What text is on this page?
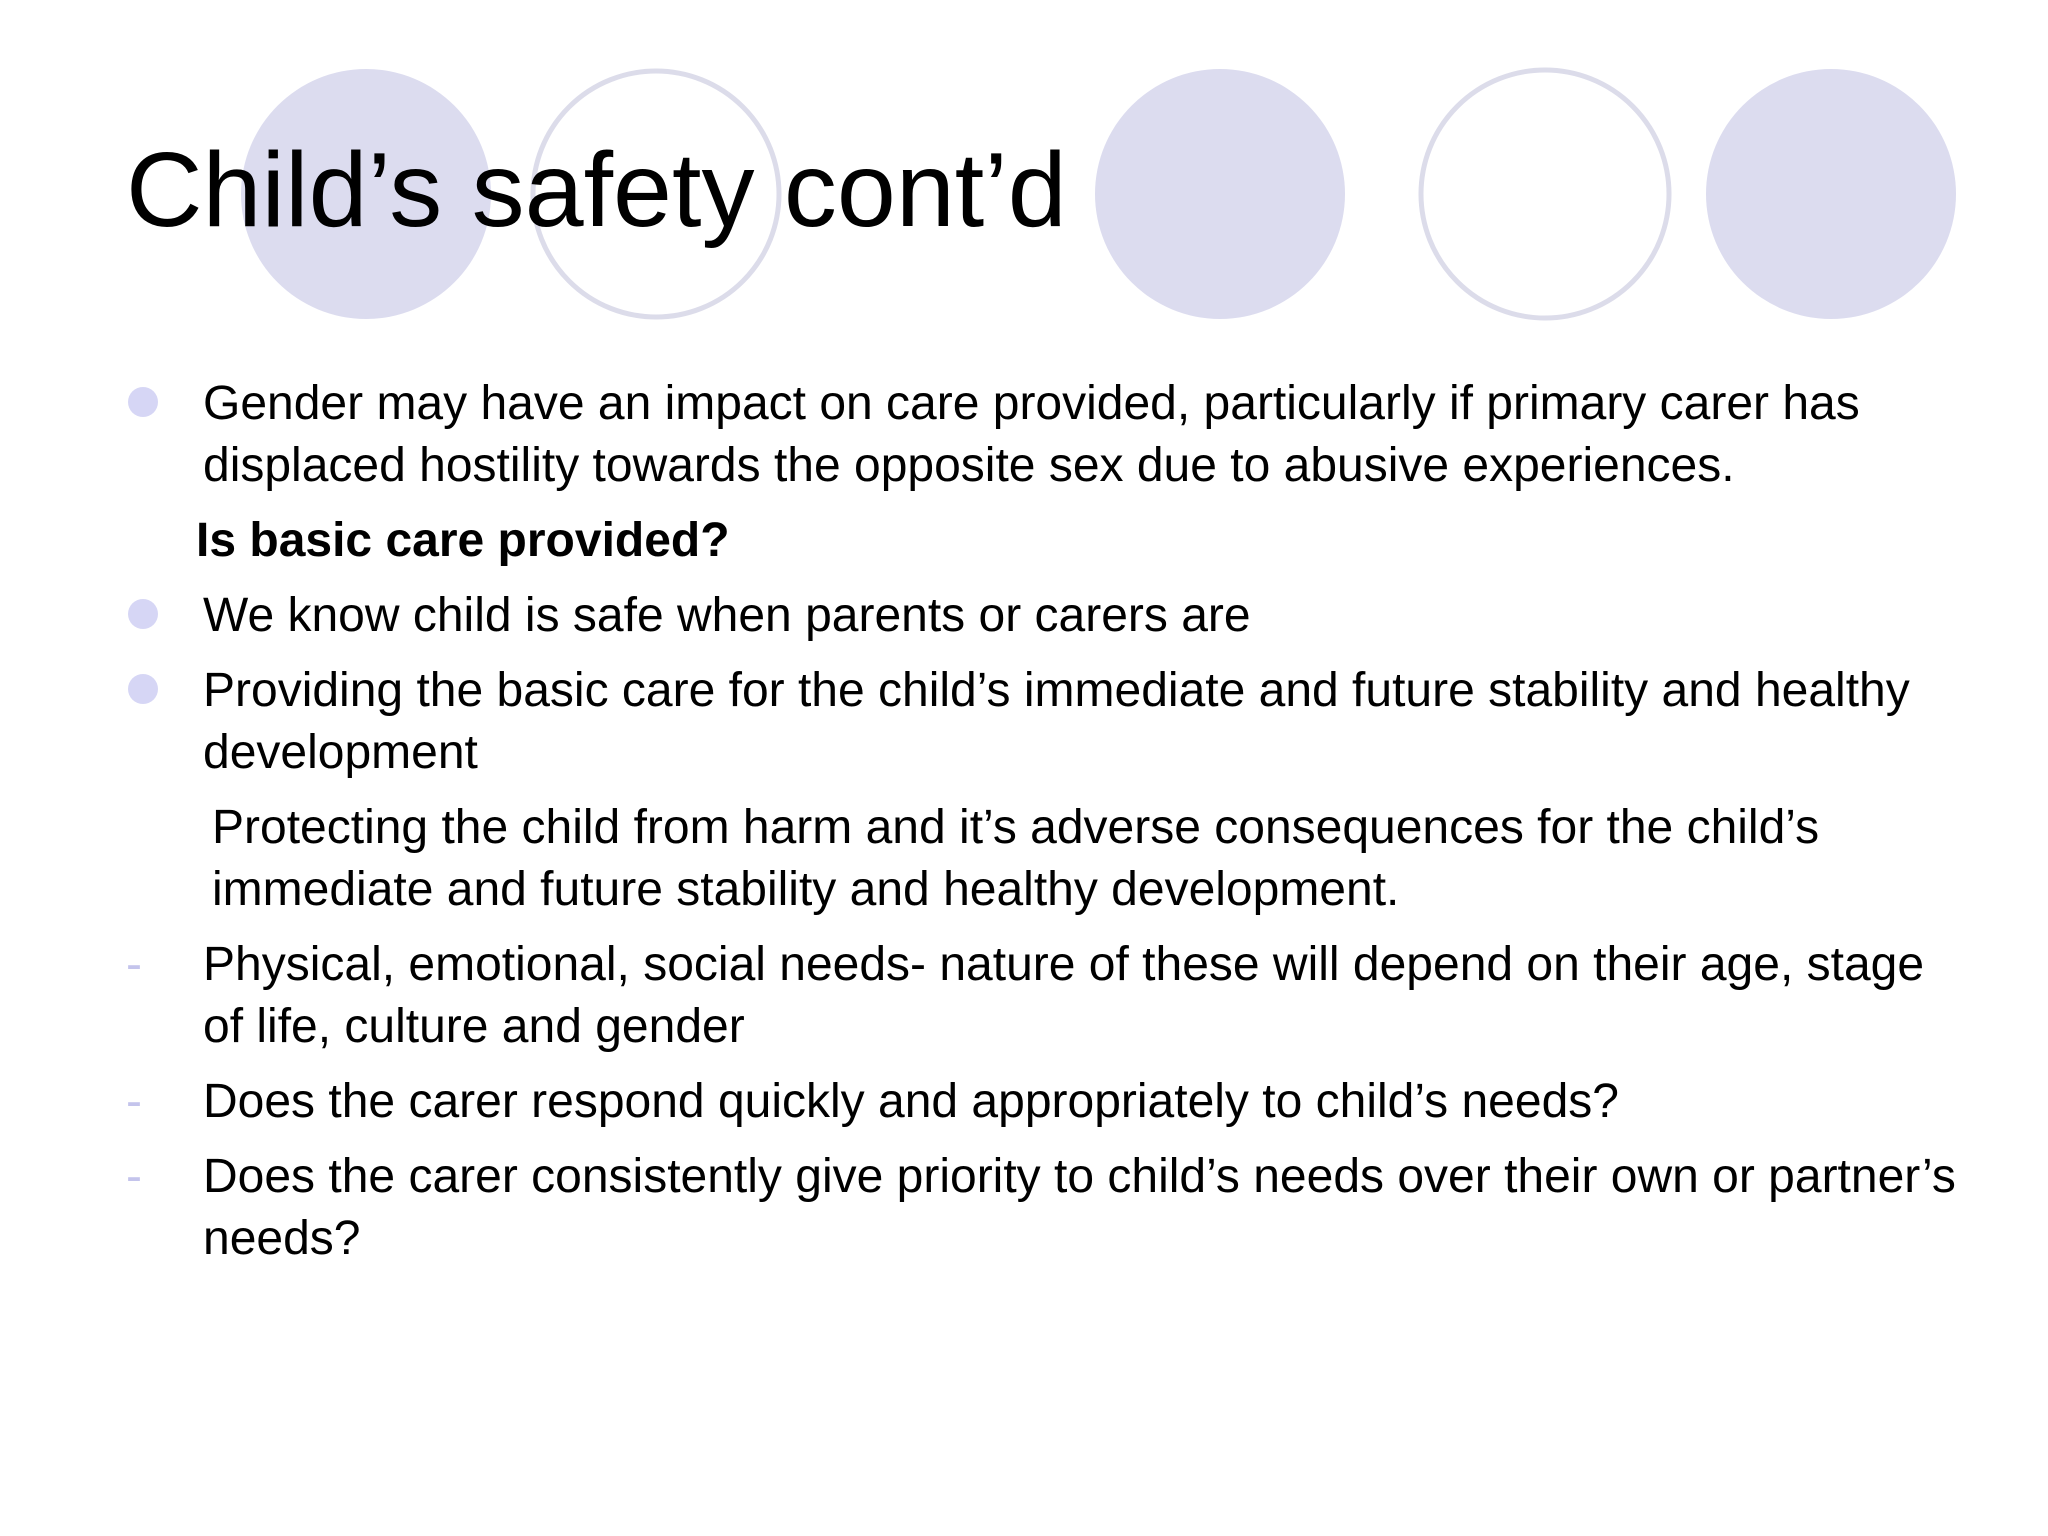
Child’s safety cont’d
Gender may have an impact on care provided, particularly if primary carer has displaced hostility towards the opposite sex due to abusive experiences.
Is basic care provided?
We know child is safe when parents or carers are
Providing the basic care for the child’s immediate and future stability and healthy development
Protecting the child from harm and it’s adverse consequences for the child’s immediate and future stability and healthy development.
- Physical, emotional, social needs- nature of these will depend on their age, stage of life, culture and gender
- Does the carer respond quickly and appropriately to child’s needs?
- Does the carer consistently give priority to child’s needs over their own or partner’s needs?
